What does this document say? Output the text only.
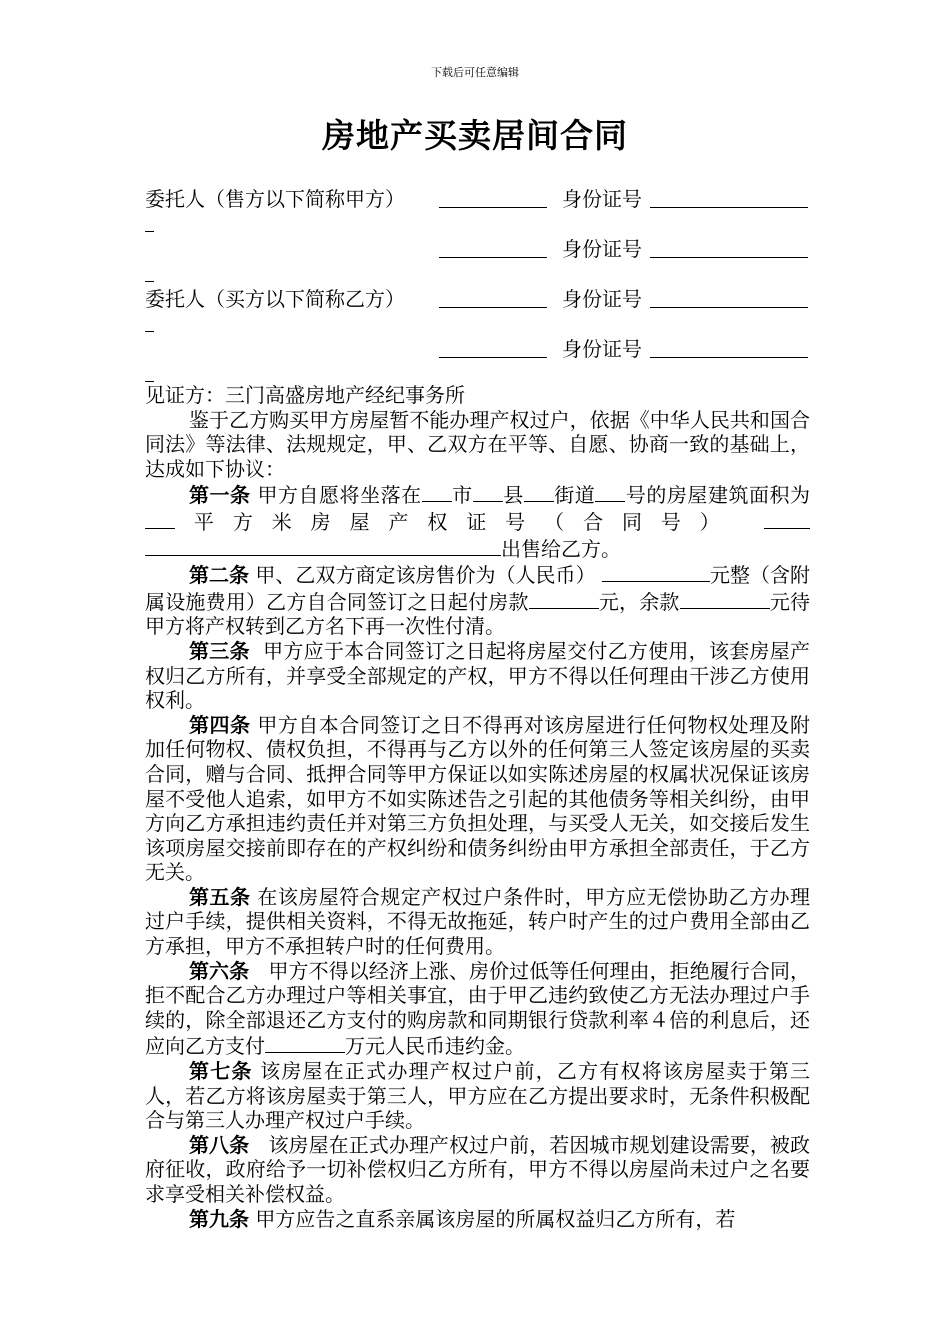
下载后可任意编辑
房地产买卖居间合同
委托人（售方以下简称甲方）	身份证号
身份证号
委托人（买方以下简称乙方）	身份证号
身份证号

见证方：三门高盛房地产经纪事务所

鉴于乙方购买甲方房屋暂不能办理产权过户，依据《中华人民共和国合同法》等法律、法规规定，甲、乙双方在平等、自愿、协商一致的基础上，达成如下协议：

第一条 甲方自愿将坐落在 市 县 街道 号的房屋建筑面积为平方米房屋产权证号（合同号）  出售给乙方。

第二条 甲、乙双方商定该房售价为（人民币）	元整（含附属设施费用）乙方自合同签订之日起付房款	元，余款	元待甲方将产权转到乙方名下再一次性付清。

第三条 甲方应于本合同签订之日起将房屋交付乙方使用，该套房屋产权归乙方所有，并享受全部规定的产权，甲方不得以任何理由干涉乙方使用权利。

第四条 甲方自本合同签订之日不得再对该房屋进行任何物权处理及附加任何物权、债权负担，不得再与乙方以外的任何第三人签定该房屋的买卖合同，赠与合同、抵押合同等甲方保证以如实陈述房屋的权属状况保证该房屋不受他人追索，如甲方不如实陈述告之引起的其他债务等相关纠纷，由甲方向乙方承担违约责任并对第三方负担处理，与买受人无关，如交接后发生该项房屋交接前即存在的产权纠纷和债务纠纷由甲方承担全部责任，于乙方无关。

第五条 在该房屋符合规定产权过户条件时，甲方应无偿协助乙方办理过户手续，提供相关资料，不得无故拖延，转户时产生的过户费用全部由乙方承担，甲方不承担转户时的任何费用。

第六条 甲方不得以经济上涨、房价过低等任何理由，拒绝履行合同，拒不配合乙方办理过户等相关事宜，由于甲乙违约致使乙方无法办理过户手续的，除全部退还乙方支付的购房款和同期银行贷款利率４倍的利息后，还应向乙方支付	万元人民币违约金。

第七条 该房屋在正式办理产权过户前，乙方有权将该房屋卖于第三人，若乙方将该房屋卖于第三人，甲方应在乙方提出要求时，无条件积极配合与第三人办理产权过户手续。

第八条 该房屋在正式办理产权过户前，若因城市规划建设需要，被政府征收，政府给予一切补偿权归乙方所有，甲方不得以房屋尚未过户之名要求享受相关补偿权益。

第九条 甲方应告之直系亲属该房屋的所属权益归乙方所有，若
